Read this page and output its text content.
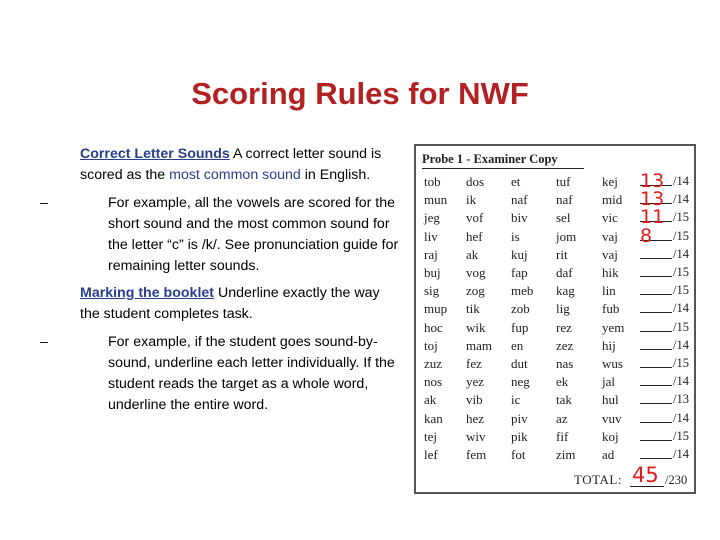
Scoring Rules for NWF
Correct Letter Sounds A correct letter sound is scored as the most common sound in English.
–	For example, all the vowels are scored for the short sound and the most common sound for the letter “c” is /k/. See pronunciation guide for remaining letter sounds.
Marking the booklet Underline exactly the way the student completes task.
–	For example, if the student goes sound-by-sound, underline each letter individually. If the student reads the target as a whole word, underline the entire word.
Probe 1 - Examiner Copy
tob dos et	tuf kej 13 /14
mun ik	naf naf mid 13 /14
jeg vof biv sel vic 11 /15
liv hef is	jom vaj 8 /15
raj ak	kuj rit	vaj	/14
buj vog fap daf hik	/15
sig zog meb kag lin	/15
mup tik zob lig fub	/14
hoc wik fup rez yem	/15
toj mam en	zez hij	/14
zuz fez dut nas wus	/15
nos yez neg ek	jal	/14
ak vib ic	tak hul	/13
kan hez piv az	vuv	/14
tej wiv pik fif	koj	/15
lef fem fot zim ad	/14
TOTAL: 45 /230
